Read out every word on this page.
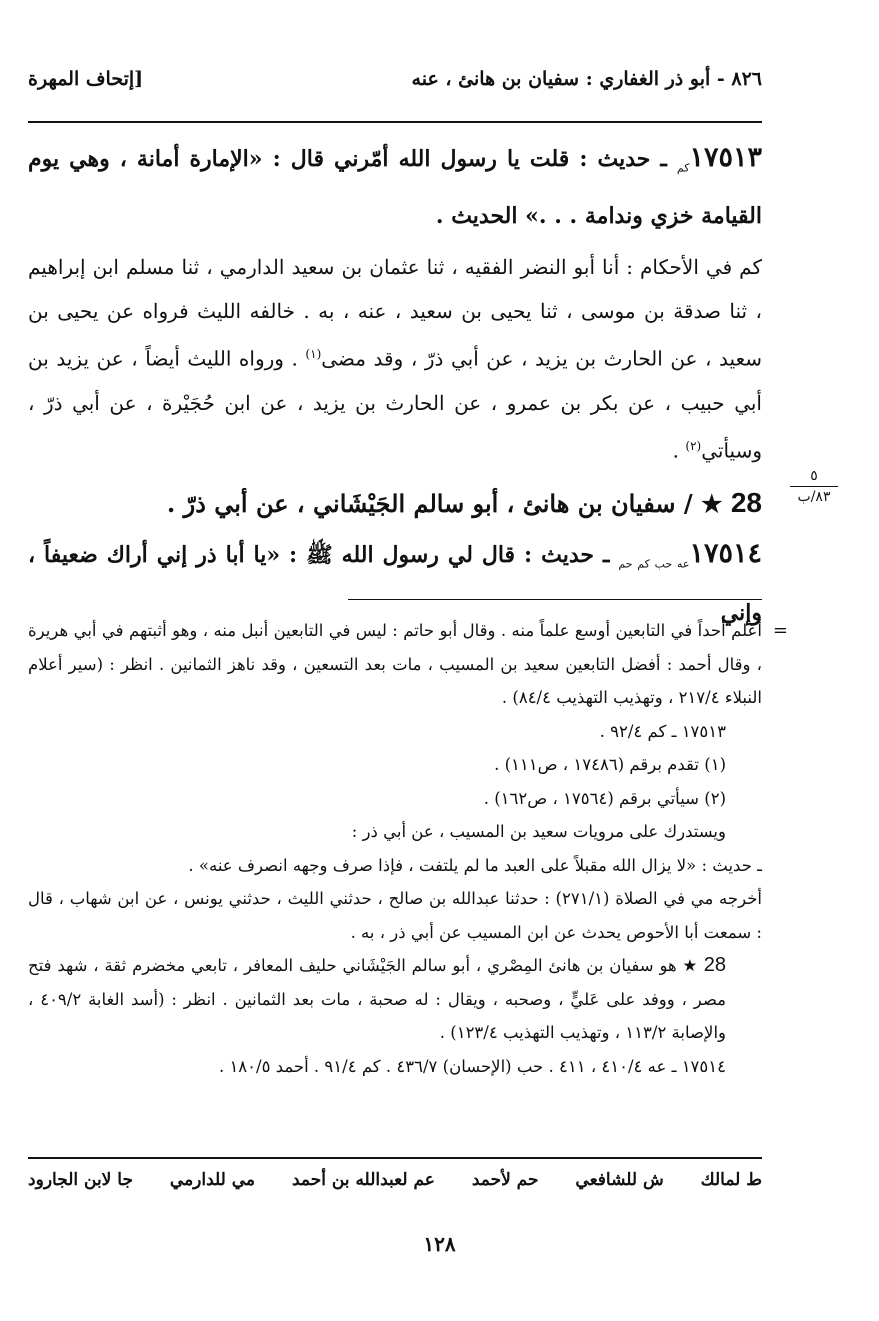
٨٢٦ - أبو ذر الغفاري : سفيان بن هانئ ، عنه
[إتحاف المهرة

$١٧٥١٣_{كم}$ ـ حديث : قلت يا رسول الله أمّرني قال : «الإمارة أمانة ، وهي يوم القيامة خزي وندامة . . .» الحديث .

كم في الأحكام : أنا أبو النضر الفقيه ، ثنا عثمان بن سعيد الدارمي ، ثنا مسلم ابن إبراهيم ، ثنا صدقة بن موسى ، ثنا يحيى بن سعيد ، عنه ، به . خالفه الليث فرواه عن يحيى بن سعيد ، عن الحارث بن يزيد ، عن أبي ذرّ ، وقد مضى$^{(١)}$ . ورواه الليث أيضاً ، عن يزيد بن أبي حبيب ، عن بكر بن عمرو ، عن الحارث بن يزيد ، عن ابن حُجَيْرة ، عن أبي ذرّ ، وسيأتي$^{(٢)}$ .

28 ★ / سفيان بن هانئ ، أبو سالم الجَيْشَاني ، عن أبي ذرّ .

$١٧٥١٤_{عه حب كم حم}$ ـ حديث : قال لي رسول الله ﷺ : «يا أبا ذر إني أراك ضعيفاً ، وإني

٥
٨٣/ب
=

أعلم أحداً في التابعين أوسع علماً منه . وقال أبو حاتم : ليس في التابعين أنبل منه ، وهو أثبتهم في أبي هريرة ، وقال أحمد : أفضل التابعين سعيد بن المسيب ، مات بعد التسعين ، وقد ناهز الثمانين . انظر : (سير أعلام النبلاء ٢١٧/٤ ، وتهذيب التهذيب ٨٤/٤) .

١٧٥١٣ ـ كم ٩٢/٤ .

(١) تقدم برقم (١٧٤٨٦ ، ص١١١) .

(٢) سيأتي برقم (١٧٥٦٤ ، ص١٦٢) .

ويستدرك على مرويات سعيد بن المسيب ، عن أبي ذر :

ـ حديث : «لا يزال الله مقبلاً على العبد ما لم يلتفت ، فإذا صرف وجهه انصرف عنه» .

أخرجه مي في الصلاة (٢٧١/١) : حدثنا عبدالله بن صالح ، حدثني الليث ، حدثني يونس ، عن ابن شهاب ، قال : سمعت أبا الأحوص يحدث عن ابن المسيب عن أبي ذر ، به .

28 ★ هو سفيان بن هانئ المِصْري ، أبو سالم الجَيْشَاني حليف المعافر ، تابعي مخضرم ثقة ، شهد فتح مصر ، ووفد على عَليٍّ ، وصحبه ، ويقال : له صحبة ، مات بعد الثمانين . انظر : (أسد الغابة ٤٠٩/٢ ، والإصابة ١١٣/٢ ، وتهذيب التهذيب ١٢٣/٤) .

١٧٥١٤ ـ عه ٤١٠/٤ ، ٤١١ . حب (الإحسان) ٤٣٦/٧ . كم ٩١/٤ . أحمد ١٨٠/٥ .

ط لمالك
ش للشافعي
حم لأحمد
عم لعبدالله بن أحمد
مي للدارمي
جا لابن الجارود
١٢٨
